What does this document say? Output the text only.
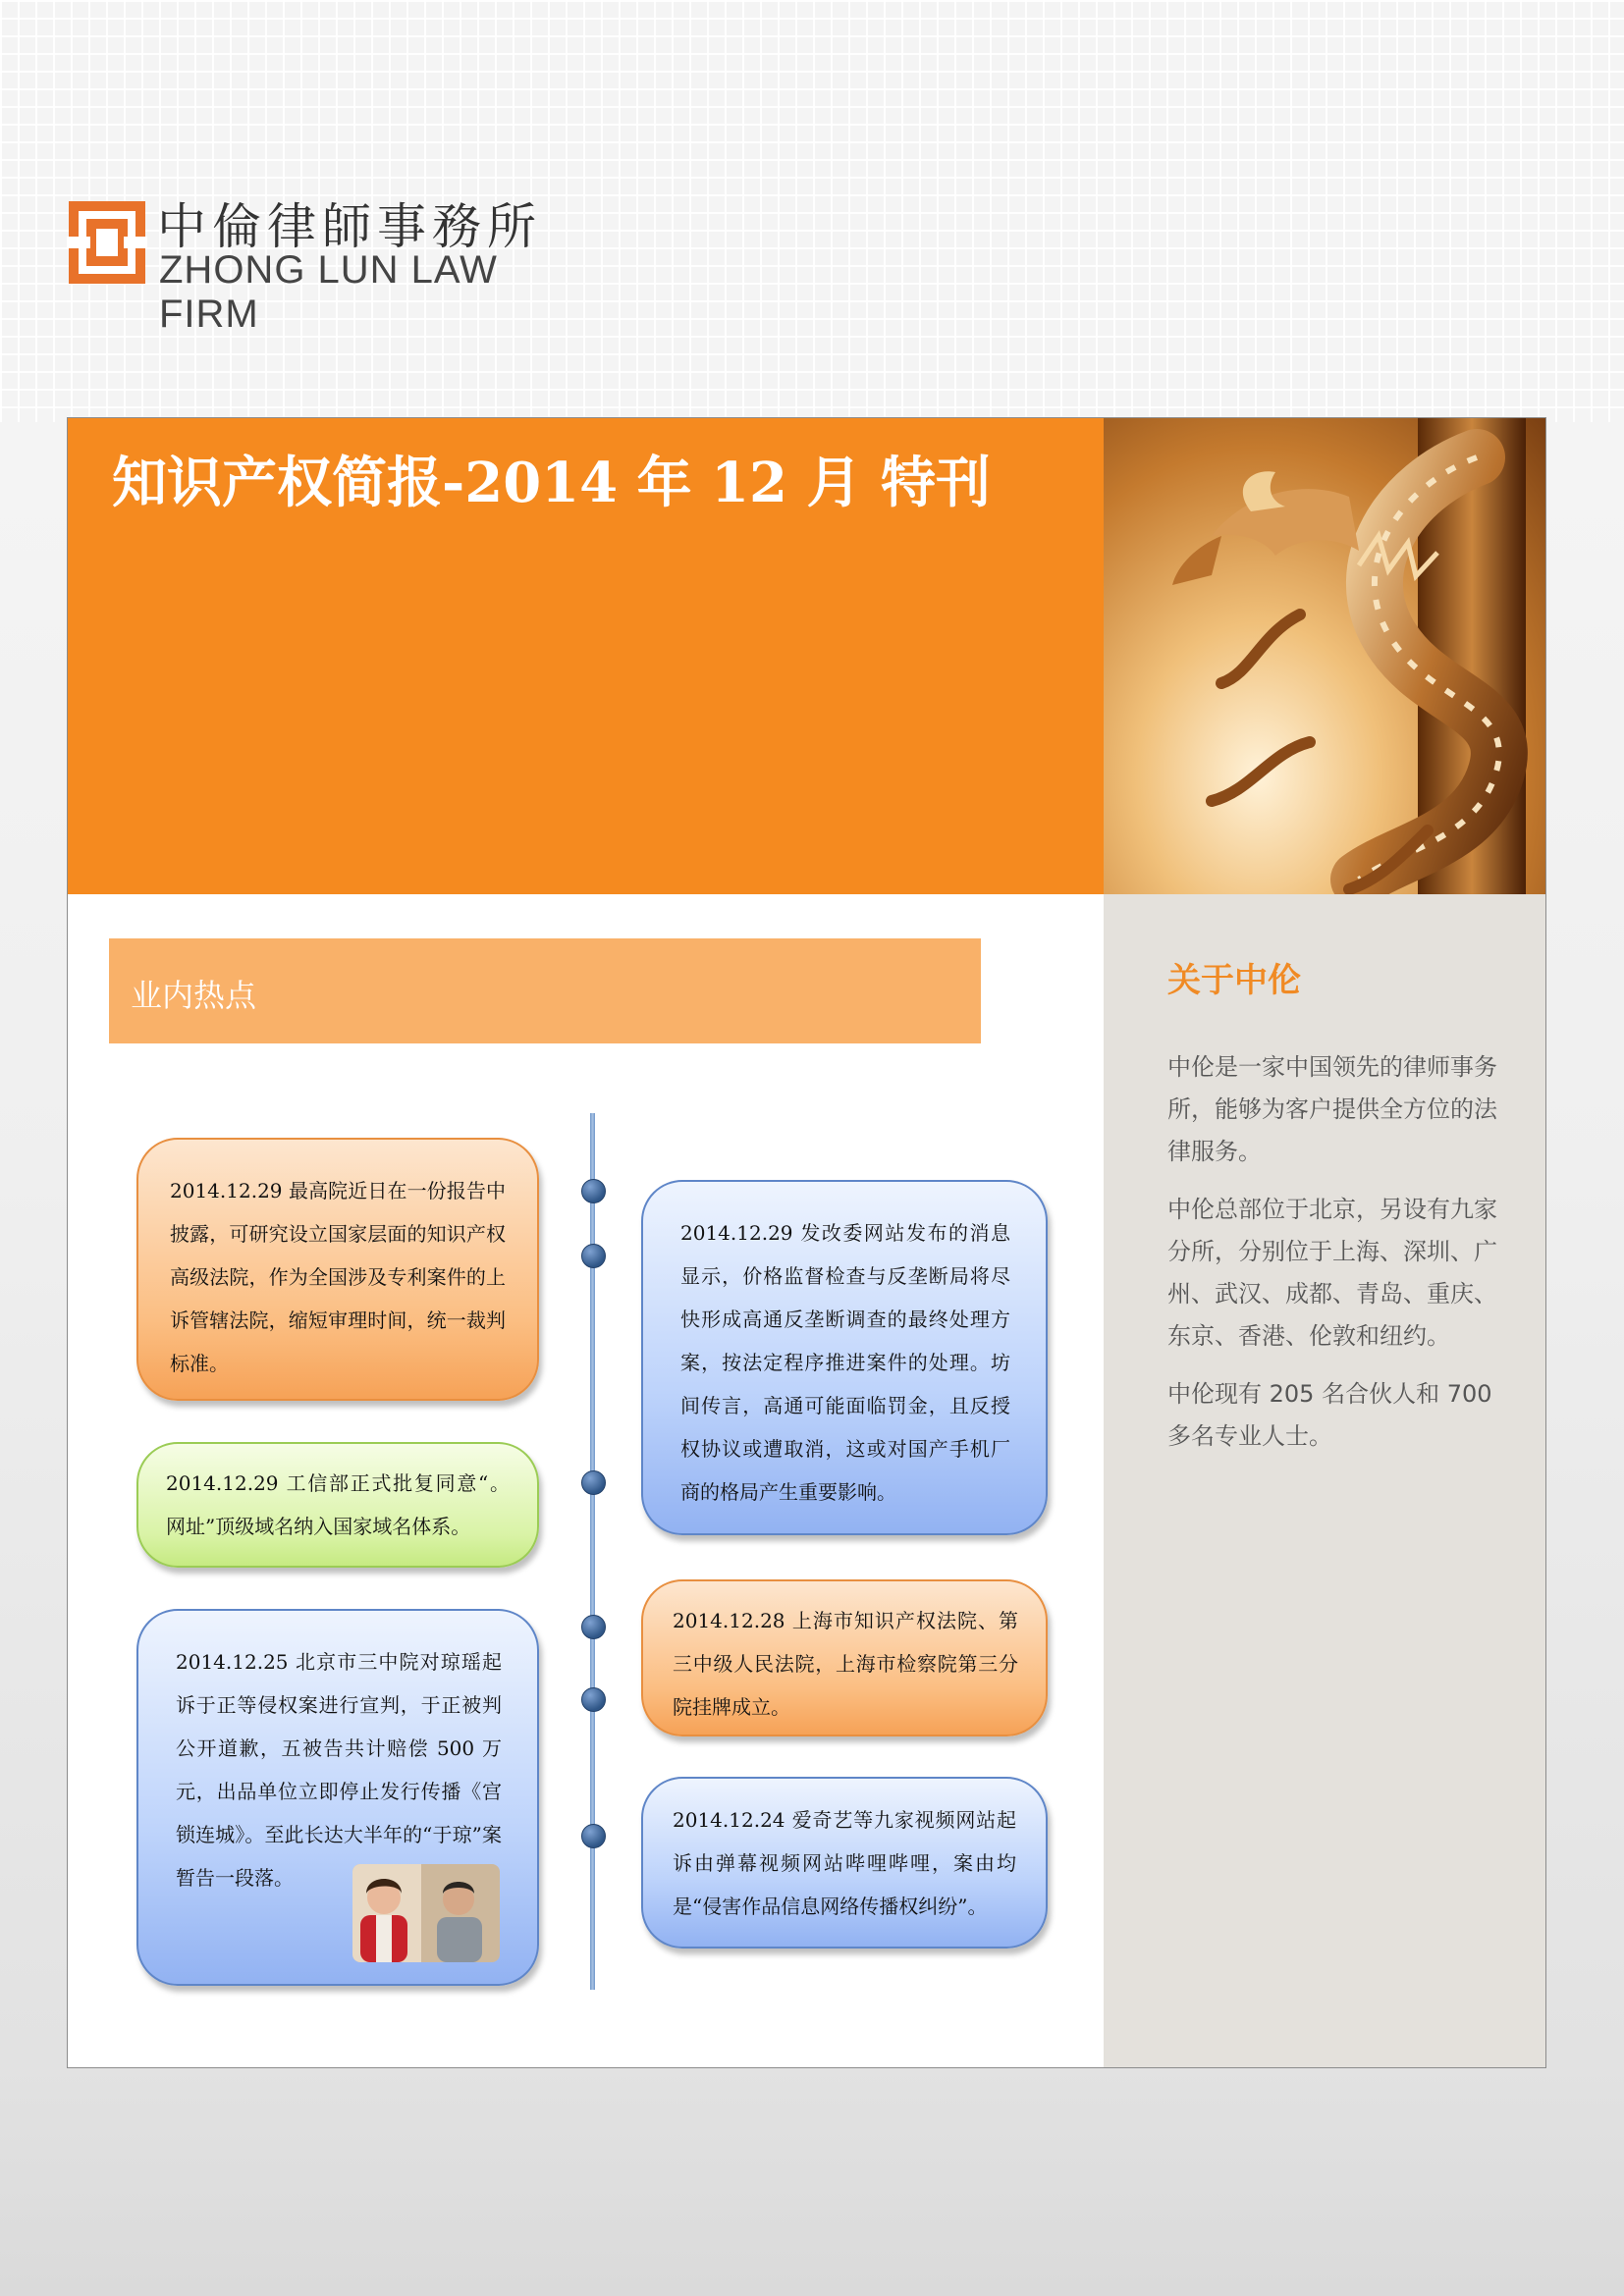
中倫律師事務所
ZHONG LUN LAW FIRM
知识产权简报-2014 年 12 月 特刊
业内热点

2014.12.29 最高院近日在一份报告中披露，可研究设立国家层面的知识产权高级法院，作为全国涉及专利案件的上诉管辖法院，缩短审理时间，统一裁判标准。

2014.12.29 工信部正式批复同意“。网址”顶级域名纳入国家域名体系。

2014.12.25 北京市三中院对琼瑶起诉于正等侵权案进行宣判，于正被判公开道歉，五被告共计赔偿 500 万元，出品单位立即停止发行传播《宫锁连城》。至此长达大半年的“于琼”案暂告一段落。

2014.12.29 发改委网站发布的消息显示，价格监督检查与反垄断局将尽快形成高通反垄断调查的最终处理方案，按法定程序推进案件的处理。坊间传言，高通可能面临罚金，且反授权协议或遭取消，这或对国产手机厂商的格局产生重要影响。

2014.12.28 上海市知识产权法院、第三中级人民法院，上海市检察院第三分院挂牌成立。

2014.12.24 爱奇艺等九家视频网站起诉由弹幕视频网站哔哩哔哩，案由均是“侵害作品信息网络传播权纠纷”。

关于中伦

中伦是一家中国领先的律师事务所，能够为客户提供全方位的法律服务。

中伦总部位于北京，另设有九家分所，分别位于上海、深圳、广州、武汉、成都、青岛、重庆、东京、香港、伦敦和纽约。

中伦现有 205 名合伙人和 700 多名专业人士。
